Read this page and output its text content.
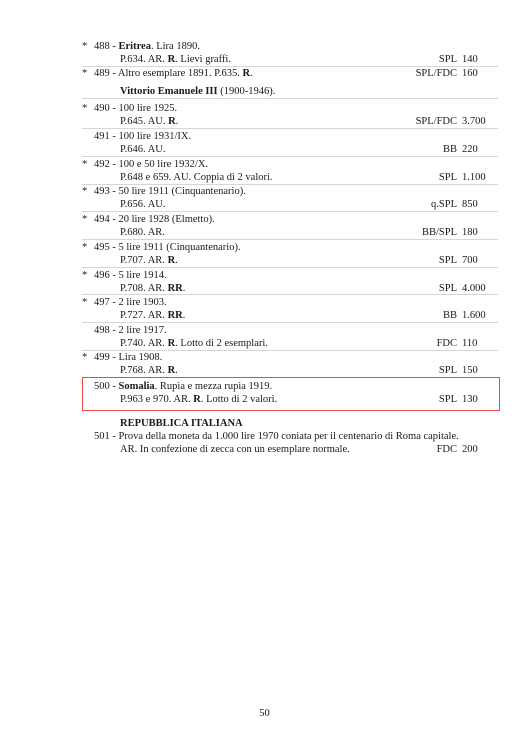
* 488 - Eritrea. Lira 1890.
P.634. AR. R. Lievi graffi.	SPL 140
* 489 - Altro esemplare 1891. P.635. R.	SPL/FDC 160
Vittorio Emanuele III (1900-1946).
* 490 - 100 lire 1925.
P.645. AU. R.	SPL/FDC 3.700
491 - 100 lire 1931/IX.
P.646. AU.	BB 220
* 492 - 100 e 50 lire 1932/X.
P.648 e 659. AU. Coppia di 2 valori.	SPL 1.100
* 493 - 50 lire 1911 (Cinquantenario).
P.656. AU.	q.SPL 850
* 494 - 20 lire 1928 (Elmetto).
P.680. AR.	BB/SPL 180
* 495 - 5 lire 1911 (Cinquantenario).
P.707. AR. R.	SPL 700
* 496 - 5 lire 1914.
P.708. AR. RR.	SPL 4.000
* 497 - 2 lire 1903.
P.727. AR. RR.	BB 1.600
498 - 2 lire 1917.
P.740. AR. R. Lotto di 2 esemplari.	FDC 110
* 499 - Lira 1908.
P.768. AR. R.	SPL 150
500 - Somalia. Rupia e mezza rupia 1919.
P.963 e 970. AR. R. Lotto di 2 valori.	SPL 130
REPUBBLICA ITALIANA
501 - Prova della moneta da 1.000 lire 1970 coniata per il centenario di Roma capitale.
AR. In confezione di zecca con un esemplare normale.	FDC 200
50
